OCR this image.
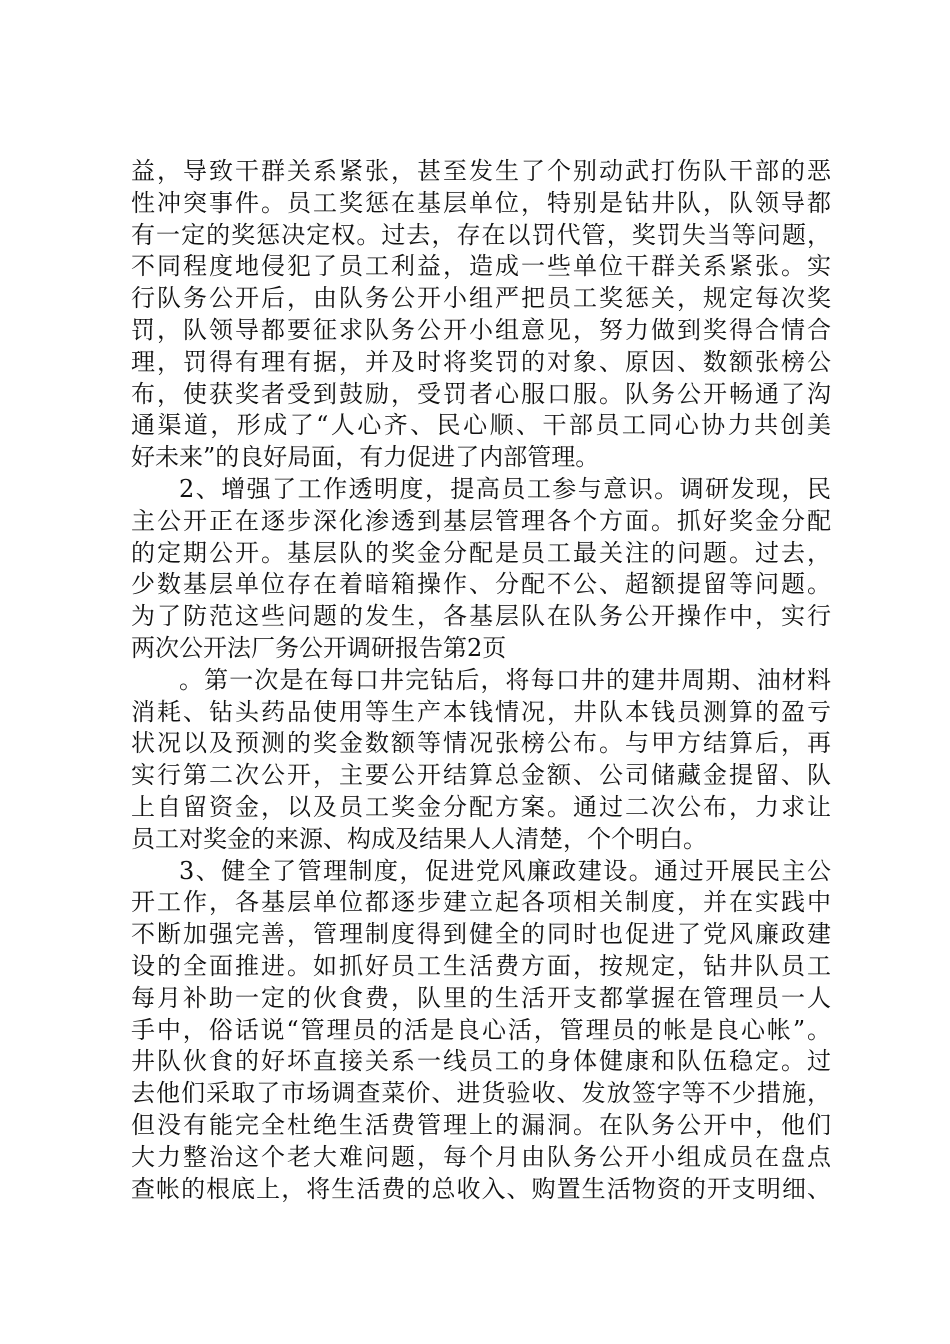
益，导致干群关系紧张，甚至发生了个别动武打伤队干部的恶
性冲突事件。员工奖惩在基层单位，特别是钻井队，队领导都
有一定的奖惩决定权。过去，存在以罚代管，奖罚失当等问题，
不同程度地侵犯了员工利益，造成一些单位干群关系紧张。实
行队务公开后，由队务公开小组严把员工奖惩关，规定每次奖
罚，队领导都要征求队务公开小组意见，努力做到奖得合情合
理，罚得有理有据，并及时将奖罚的对象、原因、数额张榜公
布，使获奖者受到鼓励，受罚者心服口服。队务公开畅通了沟
通渠道，形成了“人心齐、民心顺、干部员工同心协力共创美
好未来”的良好局面，有力促进了内部管理。
2、增强了工作透明度，提高员工参与意识。调研发现，民
主公开正在逐步深化渗透到基层管理各个方面。抓好奖金分配
的定期公开。基层队的奖金分配是员工最关注的问题。过去，
少数基层单位存在着暗箱操作、分配不公、超额提留等问题。
为了防范这些问题的发生，各基层队在队务公开操作中，实行
两次公开法厂务公开调研报告第2页
。第一次是在每口井完钻后，将每口井的建井周期、油材料
消耗、钻头药品使用等生产本钱情况，井队本钱员测算的盈亏
状况以及预测的奖金数额等情况张榜公布。与甲方结算后，再
实行第二次公开，主要公开结算总金额、公司储藏金提留、队
上自留资金，以及员工奖金分配方案。通过二次公布，力求让
员工对奖金的来源、构成及结果人人清楚，个个明白。
3、健全了管理制度，促进党风廉政建设。通过开展民主公
开工作，各基层单位都逐步建立起各项相关制度，并在实践中
不断加强完善，管理制度得到健全的同时也促进了党风廉政建
设的全面推进。如抓好员工生活费方面，按规定，钻井队员工
每月补助一定的伙食费，队里的生活开支都掌握在管理员一人
手中，俗话说“管理员的活是良心活，管理员的帐是良心帐”。
井队伙食的好坏直接关系一线员工的身体健康和队伍稳定。过
去他们采取了市场调查菜价、进货验收、发放签字等不少措施，
但没有能完全杜绝生活费管理上的漏洞。在队务公开中，他们
大力整治这个老大难问题，每个月由队务公开小组成员在盘点
查帐的根底上，将生活费的总收入、购置生活物资的开支明细、
